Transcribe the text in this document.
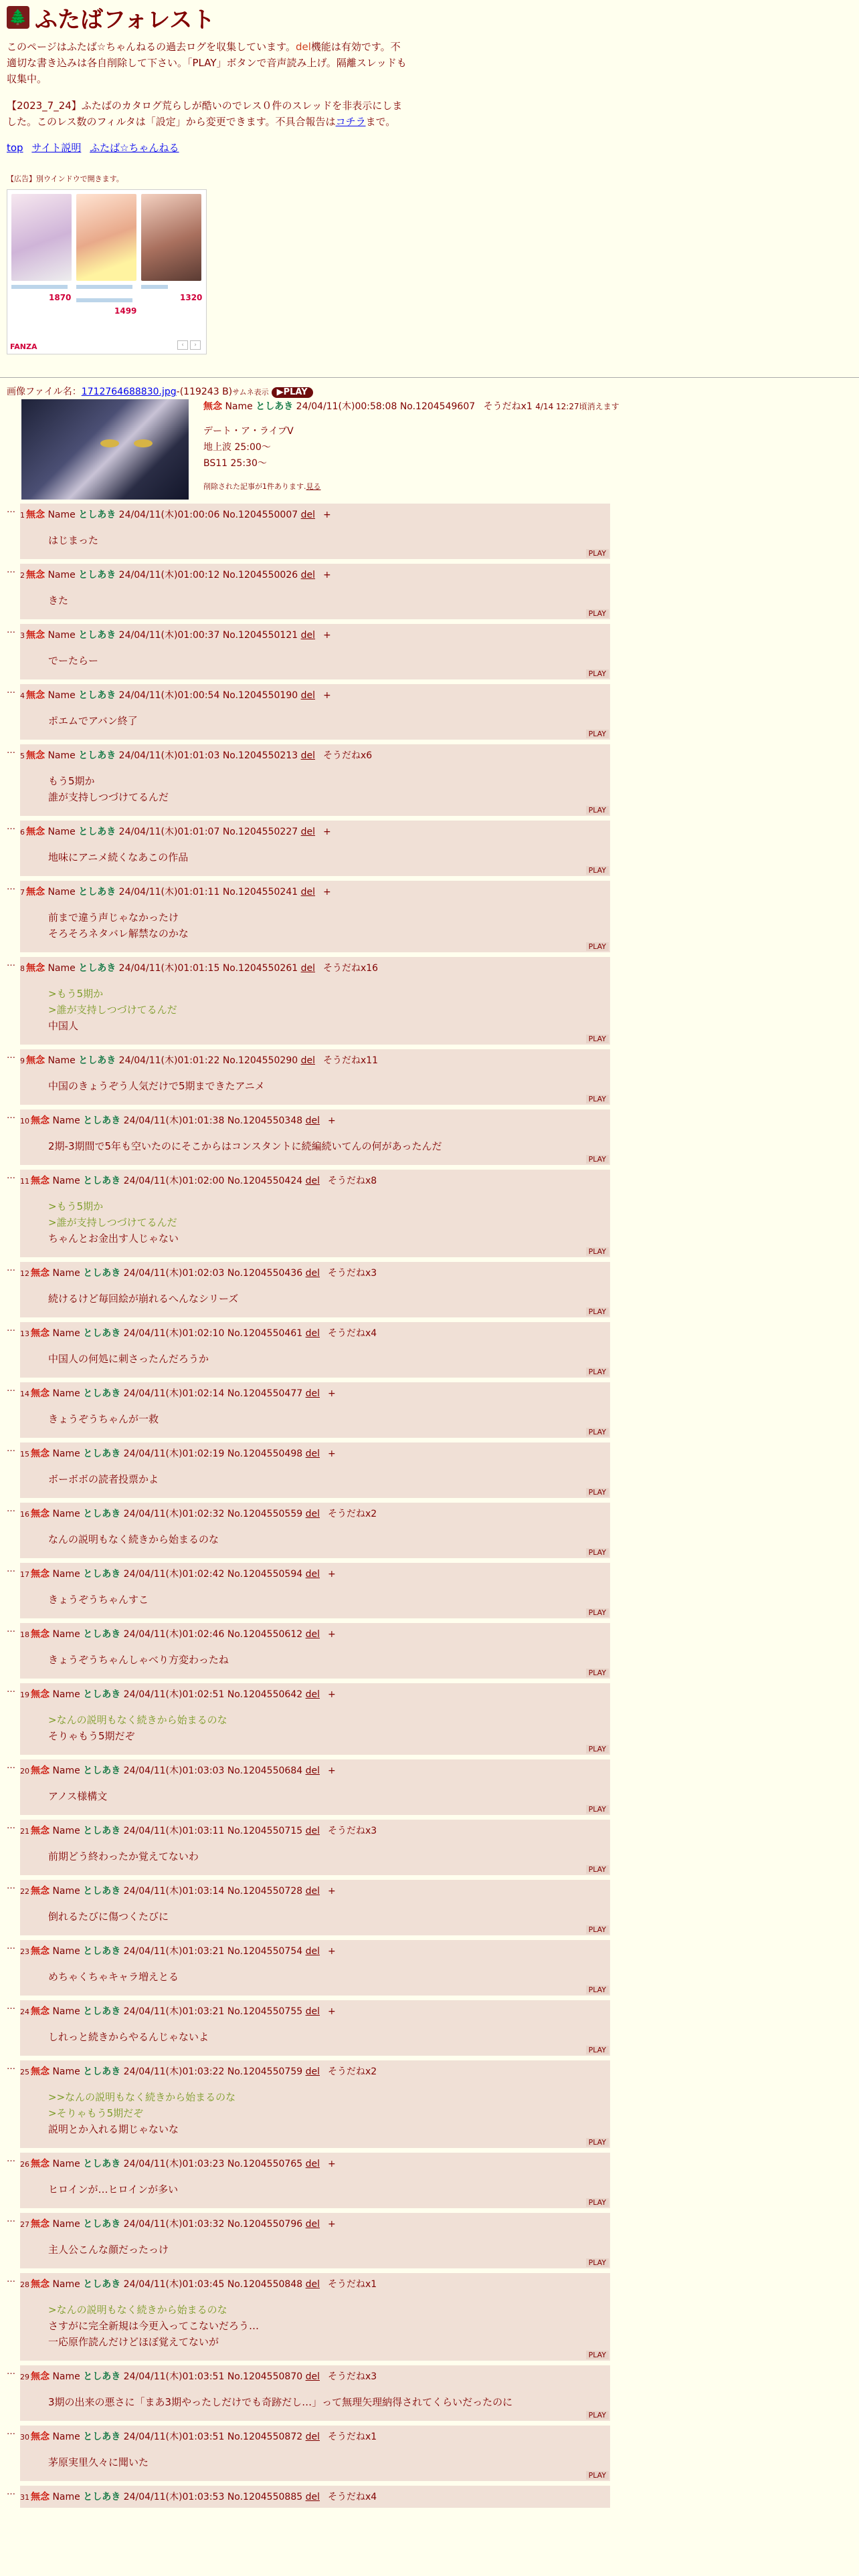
🌲 ふたばフォレスト

このページはふたば☆ちゃんねるの過去ログを収集しています。del機能は有効です。不適切な書き込みは各自削除して下さい。「PLAY」ボタンで音声読み上げ。隔離スレッドも収集中。

【2023_7_24】ふたばのカタログ荒らしが酷いのでレス０件のスレッドを非表示にしました。このレス数のフィルタは「設定」から変更できます。不具合報告はコチラまで。

top サイト説明 ふたば☆ちゃんねる
【広告】別ウインドウで開きます。
1870
1499
1320
FANZA	‹	›
画像ファイル名：1712764688830.jpg-(119243 B)サムネ表示 ▶PLAY
無念 Name としあき 24/04/11(木)00:58:08 No.1204549607 そうだねx1 4/14 12:27頃消えます
デート・ア・ライブV
地上波 25:00〜
BS11 25:30〜
削除された記事が1件あります.見る
…
1 無念 Name としあき 24/04/11(木)01:00:06 No.1204550007 del +
はじまった
PLAY
…
2 無念 Name としあき 24/04/11(木)01:00:12 No.1204550026 del +
きた
PLAY
…
3 無念 Name としあき 24/04/11(木)01:00:37 No.1204550121 del +
でーたらー
PLAY
…
4 無念 Name としあき 24/04/11(木)01:00:54 No.1204550190 del +
ポエムでアバン終了
PLAY
…
5 無念 Name としあき 24/04/11(木)01:01:03 No.1204550213 del そうだねx6
もう5期か
誰が支持しつづけてるんだ
PLAY
…
6 無念 Name としあき 24/04/11(木)01:01:07 No.1204550227 del +
地味にアニメ続くなあこの作品
PLAY
…
7 無念 Name としあき 24/04/11(木)01:01:11 No.1204550241 del +
前まで違う声じゃなかったけ
そろそろネタバレ解禁なのかな
PLAY
…
8 無念 Name としあき 24/04/11(木)01:01:15 No.1204550261 del そうだねx16
>もう5期か
>誰が支持しつづけてるんだ
中国人
PLAY
…
9 無念 Name としあき 24/04/11(木)01:01:22 No.1204550290 del そうだねx11
中国のきょうぞう人気だけで5期まできたアニメ
PLAY
…
10 無念 Name としあき 24/04/11(木)01:01:38 No.1204550348 del +
2期-3期間で5年も空いたのにそこからはコンスタントに続編続いてんの何があったんだ
PLAY
…
11 無念 Name としあき 24/04/11(木)01:02:00 No.1204550424 del そうだねx8
>もう5期か
>誰が支持しつづけてるんだ
ちゃんとお金出す人じゃない
PLAY
…
12 無念 Name としあき 24/04/11(木)01:02:03 No.1204550436 del そうだねx3
続けるけど毎回絵が崩れるへんなシリーズ
PLAY
…
13 無念 Name としあき 24/04/11(木)01:02:10 No.1204550461 del そうだねx4
中国人の何処に刺さったんだろうか
PLAY
…
14 無念 Name としあき 24/04/11(木)01:02:14 No.1204550477 del +
きょうぞうちゃんが一救
PLAY
…
15 無念 Name としあき 24/04/11(木)01:02:19 No.1204550498 del +
ボーボボの読者投票かよ
PLAY
…
16 無念 Name としあき 24/04/11(木)01:02:32 No.1204550559 del そうだねx2
なんの説明もなく続きから始まるのな
PLAY
…
17 無念 Name としあき 24/04/11(木)01:02:42 No.1204550594 del +
きょうぞうちゃんすこ
PLAY
…
18 無念 Name としあき 24/04/11(木)01:02:46 No.1204550612 del +
きょうぞうちゃんしゃべり方変わったね
PLAY
…
19 無念 Name としあき 24/04/11(木)01:02:51 No.1204550642 del +
>なんの説明もなく続きから始まるのな
そりゃもう5期だぞ
PLAY
…
20 無念 Name としあき 24/04/11(木)01:03:03 No.1204550684 del +
アノス様構文
PLAY
…
21 無念 Name としあき 24/04/11(木)01:03:11 No.1204550715 del そうだねx3
前期どう終わったか覚えてないわ
PLAY
…
22 無念 Name としあき 24/04/11(木)01:03:14 No.1204550728 del +
倒れるたびに傷つくたびに
PLAY
…
23 無念 Name としあき 24/04/11(木)01:03:21 No.1204550754 del +
めちゃくちゃキャラ増えとる
PLAY
…
24 無念 Name としあき 24/04/11(木)01:03:21 No.1204550755 del +
しれっと続きからやるんじゃないよ
PLAY
…
25 無念 Name としあき 24/04/11(木)01:03:22 No.1204550759 del そうだねx2
>>なんの説明もなく続きから始まるのな
>そりゃもう5期だぞ
説明とか入れる期じゃないな
PLAY
…
26 無念 Name としあき 24/04/11(木)01:03:23 No.1204550765 del +
ヒロインが…ヒロインが多い
PLAY
…
27 無念 Name としあき 24/04/11(木)01:03:32 No.1204550796 del +
主人公こんな顔だったっけ
PLAY
…
28 無念 Name としあき 24/04/11(木)01:03:45 No.1204550848 del そうだねx1
>なんの説明もなく続きから始まるのな
さすがに完全新規は今更入ってこないだろう…
一応原作読んだけどほぼ覚えてないが
PLAY
…
29 無念 Name としあき 24/04/11(木)01:03:51 No.1204550870 del そうだねx3
3期の出来の悪さに「まあ3期やったしだけでも奇跡だし…」って無理矢理納得されてくらいだったのに
PLAY
…
30 無念 Name としあき 24/04/11(木)01:03:51 No.1204550872 del そうだねx1
茅原実里久々に聞いた
PLAY
…
31 無念 Name としあき 24/04/11(木)01:03:53 No.1204550885 del そうだねx4
